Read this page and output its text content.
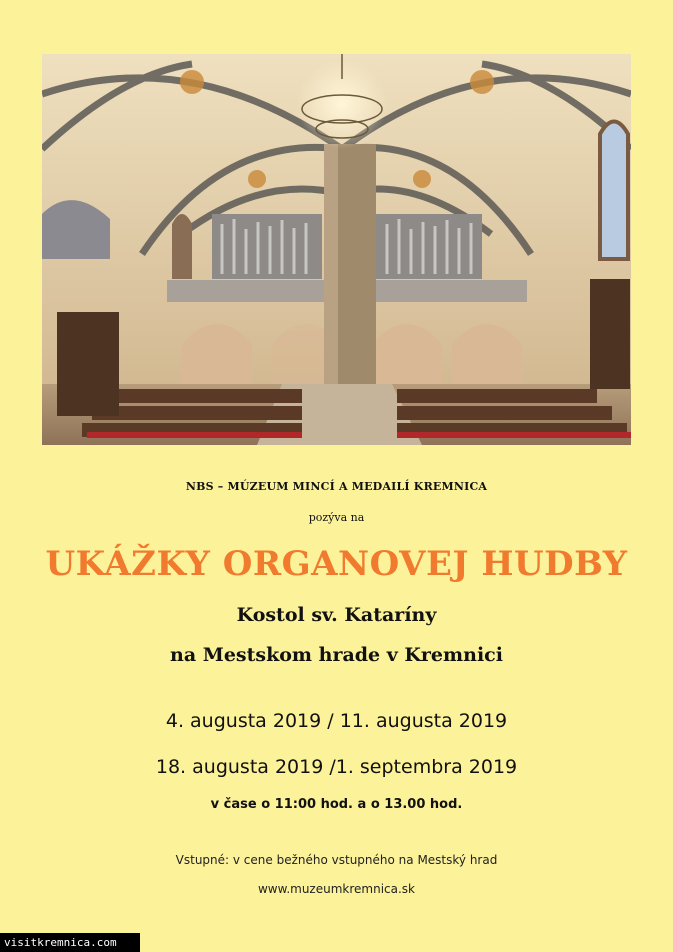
NBS – MÚZEUM MINCÍ A MEDAILÍ KREMNICA
pozýva na
UKÁŽKY ORGANOVEJ HUDBY
Kostol sv. Kataríny
na Mestskom hrade v Kremnici
4. augusta 2019 / 11. augusta 2019
18. augusta 2019 /1. septembra 2019
v čase o 11:00 hod. a o 13.00 hod.
Vstupné: v cene bežného vstupného na Mestský hrad
www.muzeumkremnica.sk
visitkremnica.com
